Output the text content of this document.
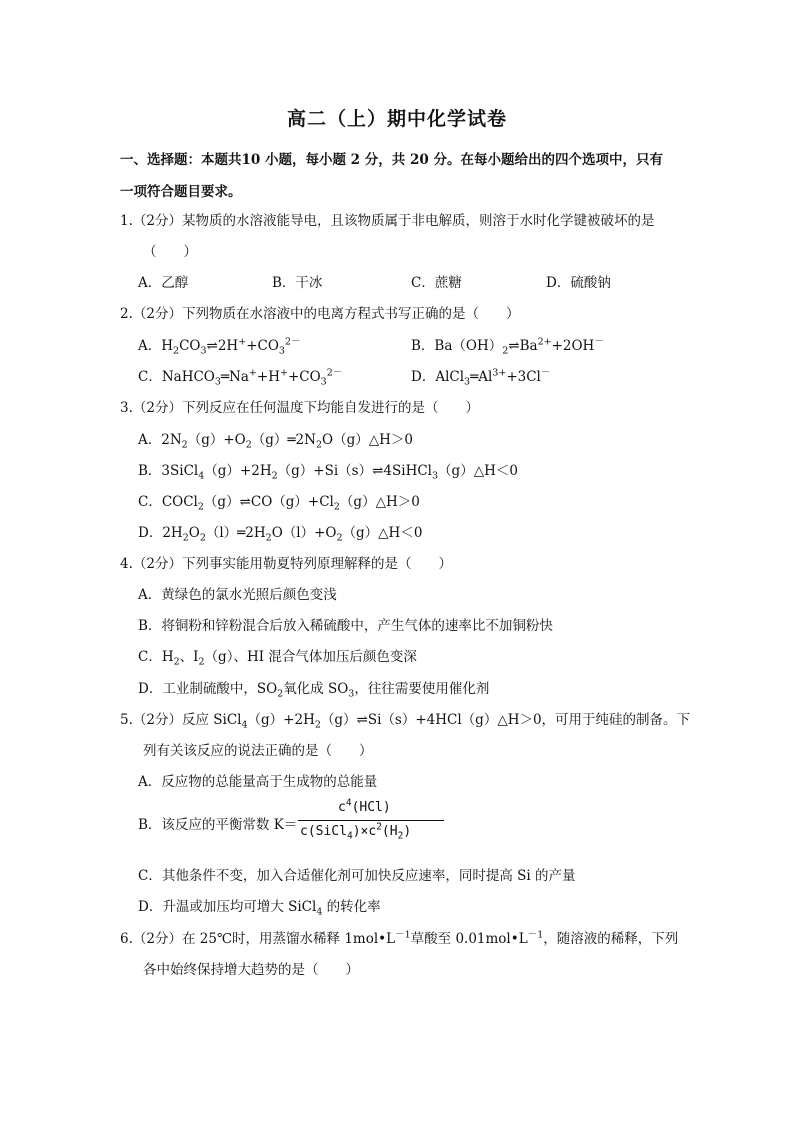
高二（上）期中化学试卷
一、选择题：本题共10 小题，每小题 2 分，共 20 分。在每小题给出的四个选项中，只有
一项符合题目要求。
1.（2分）某物质的水溶液能导电，且该物质属于非电解质，则溶于水时化学键被破坏的是
（　　）
A．乙醇	B．干冰	C．蔗糖	D．硫酸钠
2.（2分）下列物质在水溶液中的电离方程式书写正确的是（　　）
A．$H_2CO_3\rightleftharpoons 2H^++CO_3^{2-}$	B．$Ba(OH)_2\rightleftharpoons Ba^{2+}+2OH^-$
C．$NaHCO_3═Na^++H^++CO_3^{2-}$	D．$AlCl_3═Al^{3+}+3Cl^-$
3.（2分）下列反应在任何温度下均能自发进行的是（　　）
A．$2N_2(g)+O_2(g)═2N_2O(g)\triangle H>0$
B．$3SiCl_4(g)+2H_2(g)+Si(s)\rightleftharpoons 4SiHCl_3(g)\triangle H<0$
C．$COCl_2(g)\rightleftharpoons CO(g)+Cl_2(g)\triangle H>0$
D．$2H_2O_2(l)═2H_2O(l)+O_2(g)\triangle H<0$
4.（2分）下列事实能用勒夏特列原理解释的是（　　）
A．黄绿色的氯水光照后颜色变浅
B．将铜粉和锌粉混合后放入稀硫酸中，产生气体的速率比不加铜粉快
C．$H_2$、$I_2(g)$、HI 混合气体加压后颜色变深
D．工业制硫酸中，$SO_2$氧化成 $SO_3$，往往需要使用催化剂
5.（2分）反应 $SiCl_4(g)+2H_2(g)\rightleftharpoons Si(s)+4HCl(g)\triangle H>0$，可用于纯硅的制备。下
列有关该反应的说法正确的是（　　）
A．反应物的总能量高于生成物的总能量
B．该反应的平衡常数 K＝
$c^4(HCl)$
$c(SiCl_4)\times c^2(H_2)$
C．其他条件不变，加入合适催化剂可加快反应速率，同时提高 Si 的产量
D．升温或加压均可增大 SiCl$_4$ 的转化率
6.（2分）在 25℃时，用蒸馏水稀释 $1mol•L^{-1}$草酸至 $0.01mol•L^{-1}$，随溶液的稀释，下列
各中始终保持增大趋势的是（　　）
